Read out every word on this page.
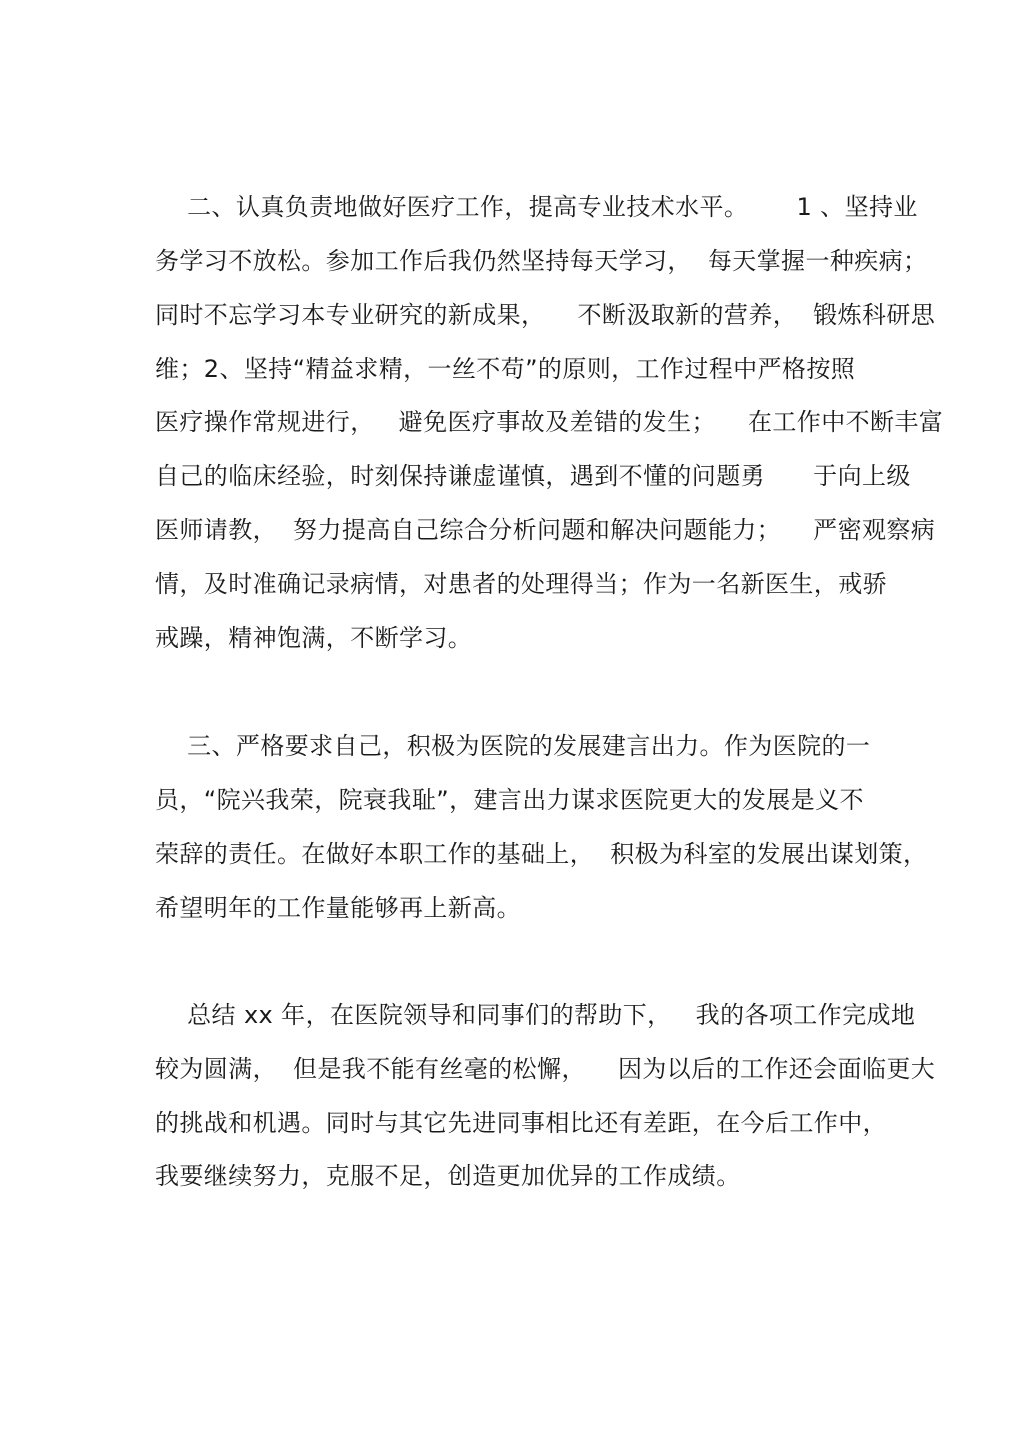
二、认真负责地做好医疗工作，提高专业技术水平。      1 、坚持业
务学习不放松。参加工作后我仍然坚持每天学习，  每天掌握一种疾病；
同时不忘学习本专业研究的新成果，    不断汲取新的营养，  锻炼科研思
维；2、坚持“精益求精，一丝不苟”的原则，工作过程中严格按照
医疗操作常规进行，   避免医疗事故及差错的发生；    在工作中不断丰富
自己的临床经验，时刻保持谦虚谨慎，遇到不懂的问题勇      于向上级
医师请教，  努力提高自己综合分析问题和解决问题能力；    严密观察病
情，及时准确记录病情，对患者的处理得当；作为一名新医生，戒骄
戒躁，精神饱满，不断学习。
三、严格要求自己，积极为医院的发展建言出力。作为医院的一
员，“院兴我荣，院衰我耻”，建言出力谋求医院更大的发展是义不
荣辞的责任。在做好本职工作的基础上，  积极为科室的发展出谋划策，
希望明年的工作量能够再上新高。
总结 xx 年，在医院领导和同事们的帮助下，   我的各项工作完成地
较为圆满，  但是我不能有丝毫的松懈，    因为以后的工作还会面临更大
的挑战和机遇。同时与其它先进同事相比还有差距，在今后工作中，
我要继续努力，克服不足，创造更加优异的工作成绩。
